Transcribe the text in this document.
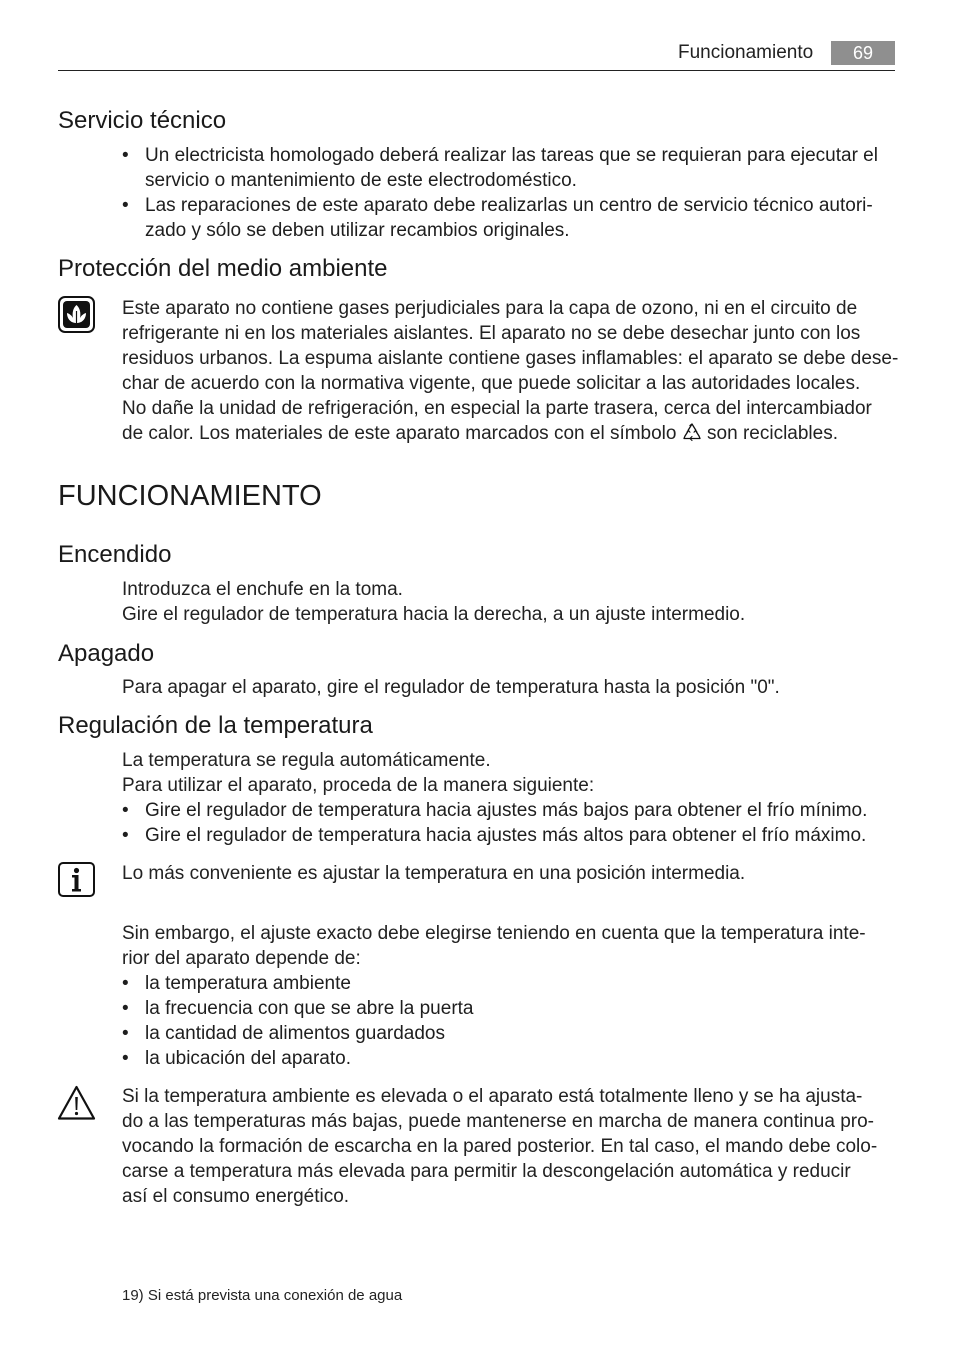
Funcionamiento	69
Servicio técnico
• Un electricista homologado deberá realizar las tareas que se requieran para ejecutar el
servicio o mantenimiento de este electrodoméstico.
• Las reparaciones de este aparato debe realizarlas un centro de servicio técnico autori-
zado y sólo se deben utilizar recambios originales.
Protección del medio ambiente
Este aparato no contiene gases perjudiciales para la capa de ozono, ni en el circuito de
refrigerante ni en los materiales aislantes. El aparato no se debe desechar junto con los
residuos urbanos. La espuma aislante contiene gases inflamables: el aparato se debe dese-
char de acuerdo con la normativa vigente, que puede solicitar a las autoridades locales.
No dañe la unidad de refrigeración, en especial la parte trasera, cerca del intercambiador
de calor. Los materiales de este aparato marcados con el símbolo son reciclables.
FUNCIONAMIENTO
Encendido
Introduzca el enchufe en la toma.
Gire el regulador de temperatura hacia la derecha, a un ajuste intermedio.
Apagado
Para apagar el aparato, gire el regulador de temperatura hasta la posición "0".
Regulación de la temperatura
La temperatura se regula automáticamente.
Para utilizar el aparato, proceda de la manera siguiente:
• Gire el regulador de temperatura hacia ajustes más bajos para obtener el frío mínimo.
• Gire el regulador de temperatura hacia ajustes más altos para obtener el frío máximo.
Lo más conveniente es ajustar la temperatura en una posición intermedia.
Sin embargo, el ajuste exacto debe elegirse teniendo en cuenta que la temperatura inte-
rior del aparato depende de:
• la temperatura ambiente
• la frecuencia con que se abre la puerta
• la cantidad de alimentos guardados
• la ubicación del aparato.
Si la temperatura ambiente es elevada o el aparato está totalmente lleno y se ha ajusta-
do a las temperaturas más bajas, puede mantenerse en marcha de manera continua pro-
vocando la formación de escarcha en la pared posterior. En tal caso, el mando debe colo-
carse a temperatura más elevada para permitir la descongelación automática y reducir
así el consumo energético.
19) Si está prevista una conexión de agua
